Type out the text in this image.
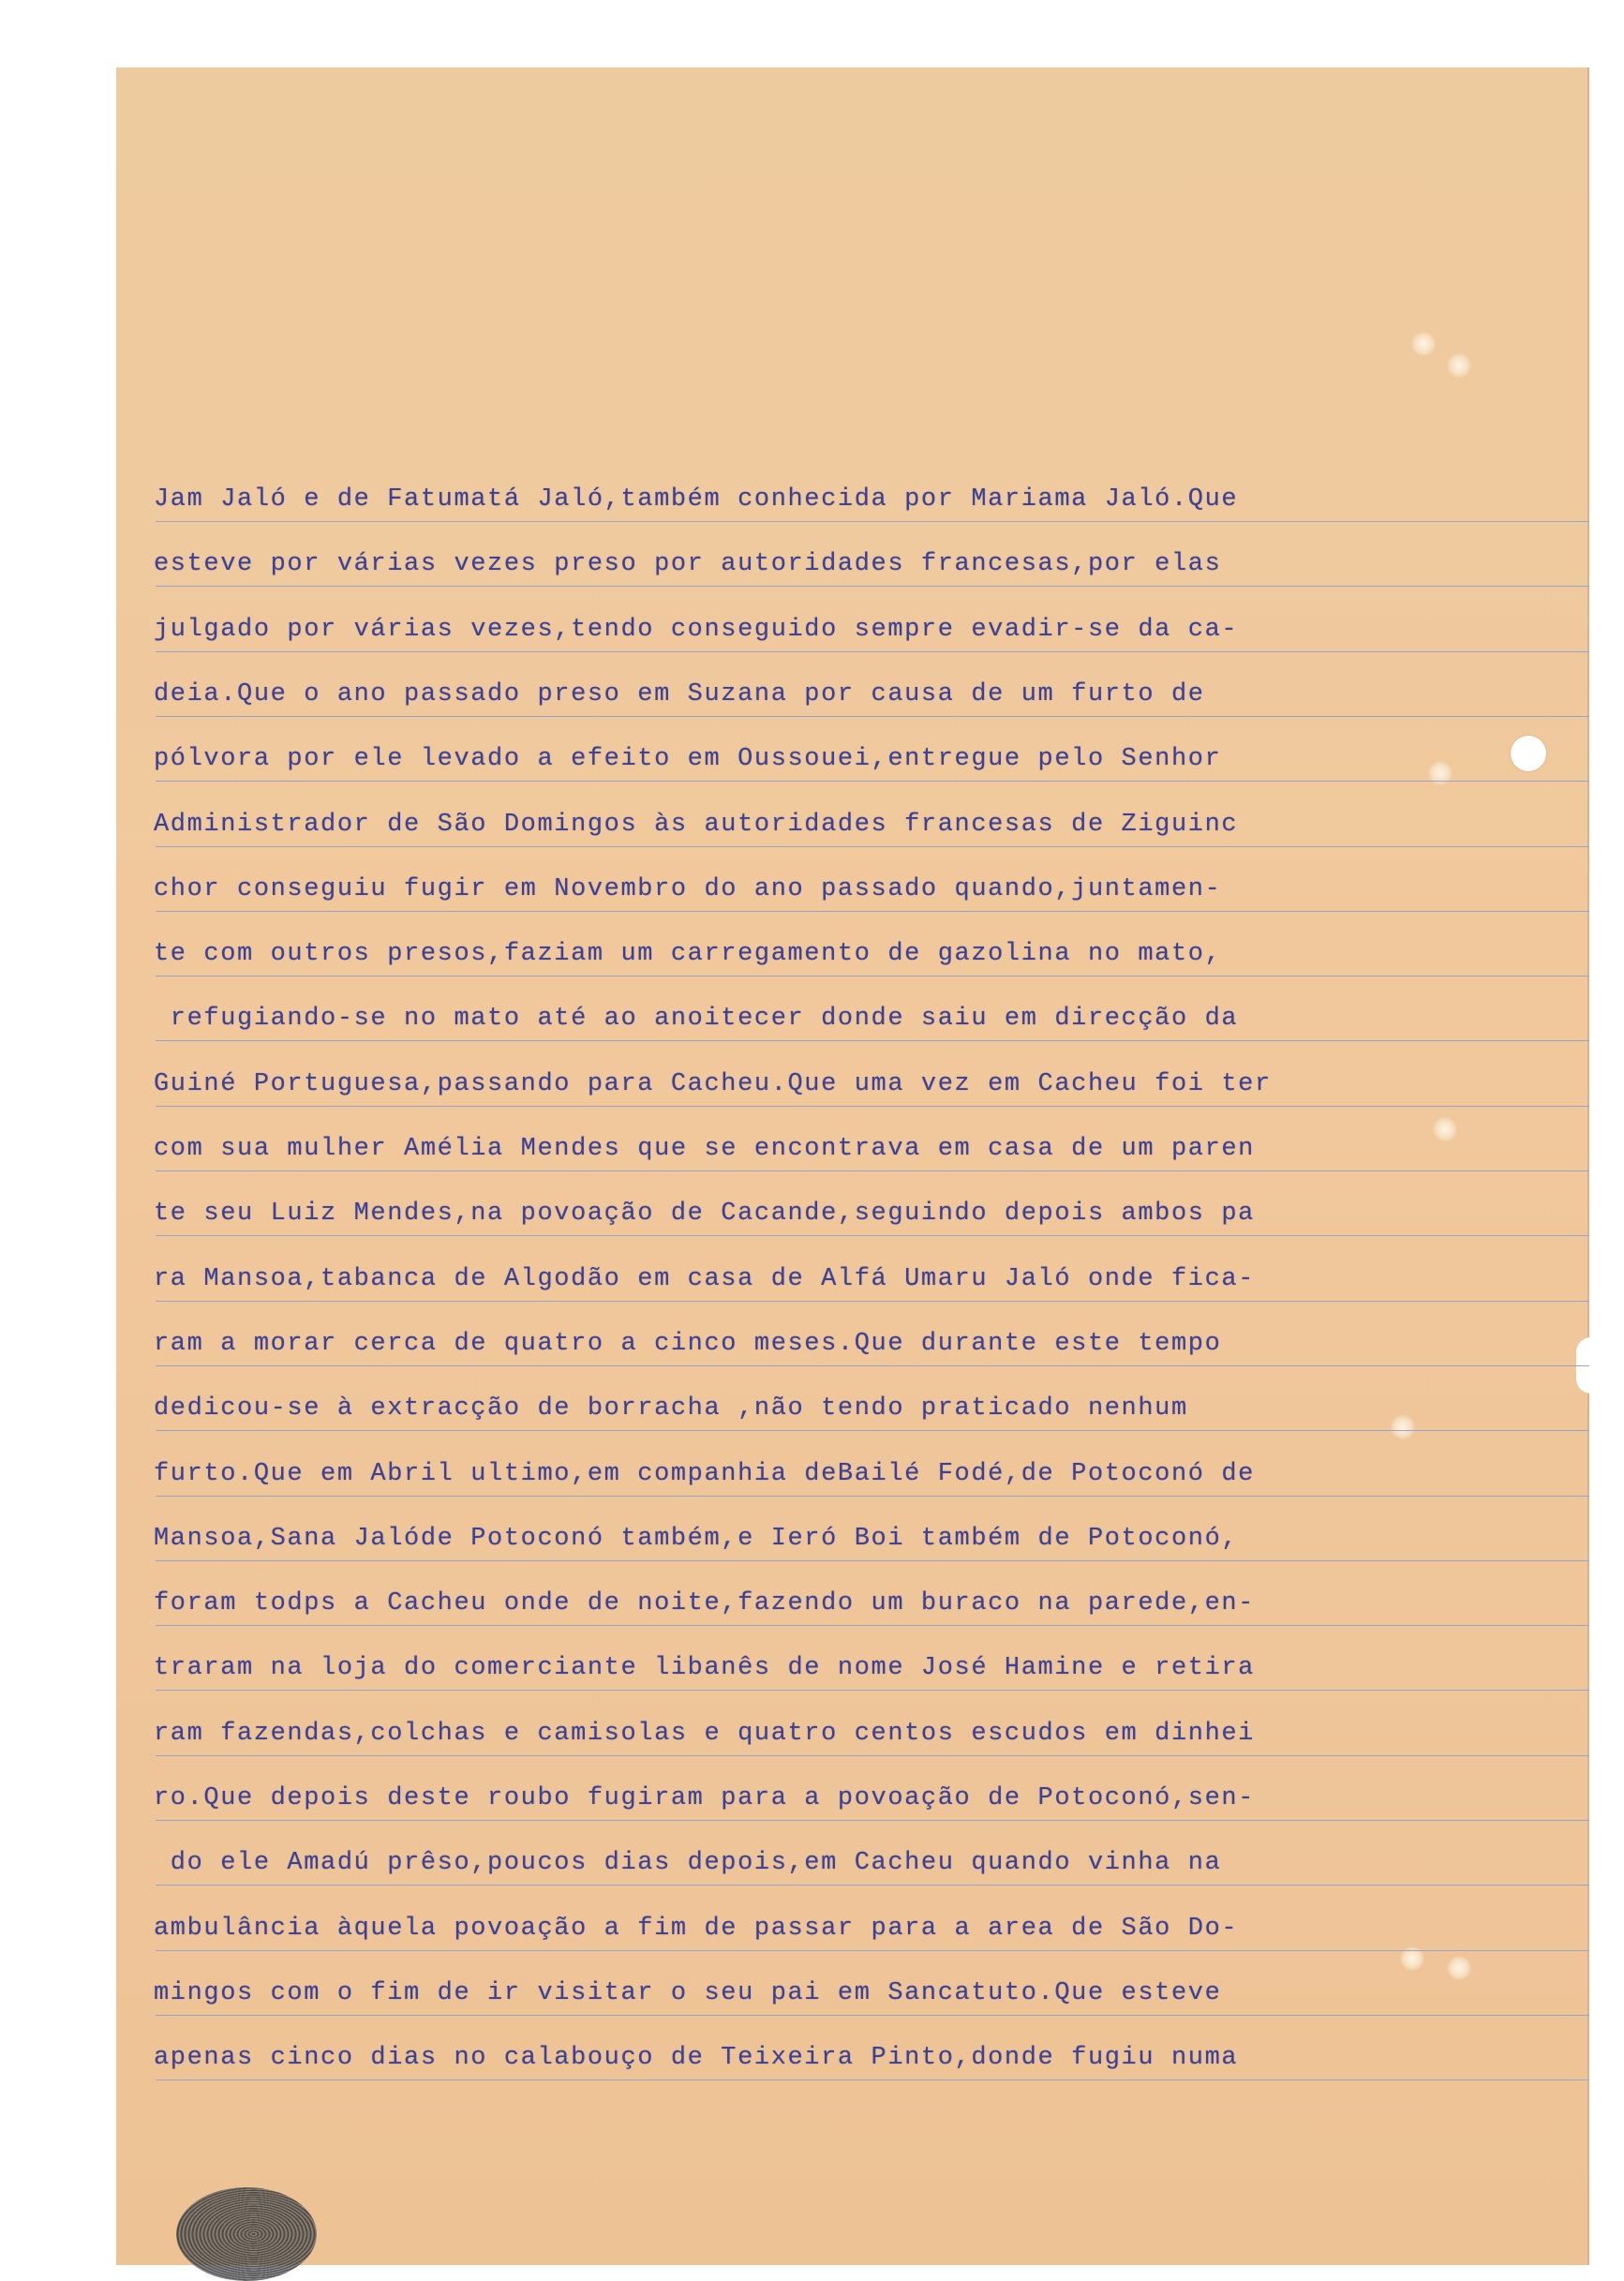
Jam Jaló e de Fatumatá Jaló,também conhecida por Mariama Jaló.Que
esteve por várias vezes preso por autoridades francesas,por elas
julgado por várias vezes,tendo conseguido sempre evadir-se da ca-
deia.Que o ano passado preso em Suzana por causa de um furto de
pólvora por ele levado a efeito em Oussouei,entregue pelo Senhor
Administrador de São Domingos às autoridades francesas de Ziguinc
chor conseguiu fugir em Novembro do ano passado quando,juntamen-
te com outros presos,faziam um carregamento de gazolina no mato,
refugiando-se no mato até ao anoitecer donde saiu em direcção da
Guiné Portuguesa,passando para Cacheu.Que uma vez em Cacheu foi ter
com sua mulher Amélia Mendes que se encontrava em casa de um paren
te seu Luiz Mendes,na povoação de Cacande,seguindo depois ambos pa
ra Mansoa,tabanca de Algodão em casa de Alfá Umaru Jaló onde fica-
ram a morar cerca de quatro a cinco meses.Que durante este tempo
dedicou-se à extracção de borracha ,não tendo praticado nenhum
furto.Que em Abril ultimo,em companhia deBailé Fodé,de Potoconó de
Mansoa,Sana Jalóde Potoconó também,e Ieró Boi também de Potoconó,
foram todps a Cacheu onde de noite,fazendo um buraco na parede,en-
traram na loja do comerciante libanês de nome José Hamine e retira
ram fazendas,colchas e camisolas e quatro centos escudos em dinhei
ro.Que depois deste roubo fugiram para a povoação de Potoconó,sen-
do ele Amadú prêso,poucos dias depois,em Cacheu quando vinha na
ambulância àquela povoação a fim de passar para a area de São Do-
mingos com o fim de ir visitar o seu pai em Sancatuto.Que esteve
apenas cinco dias no calabouço de Teixeira Pinto,donde fugiu numa
